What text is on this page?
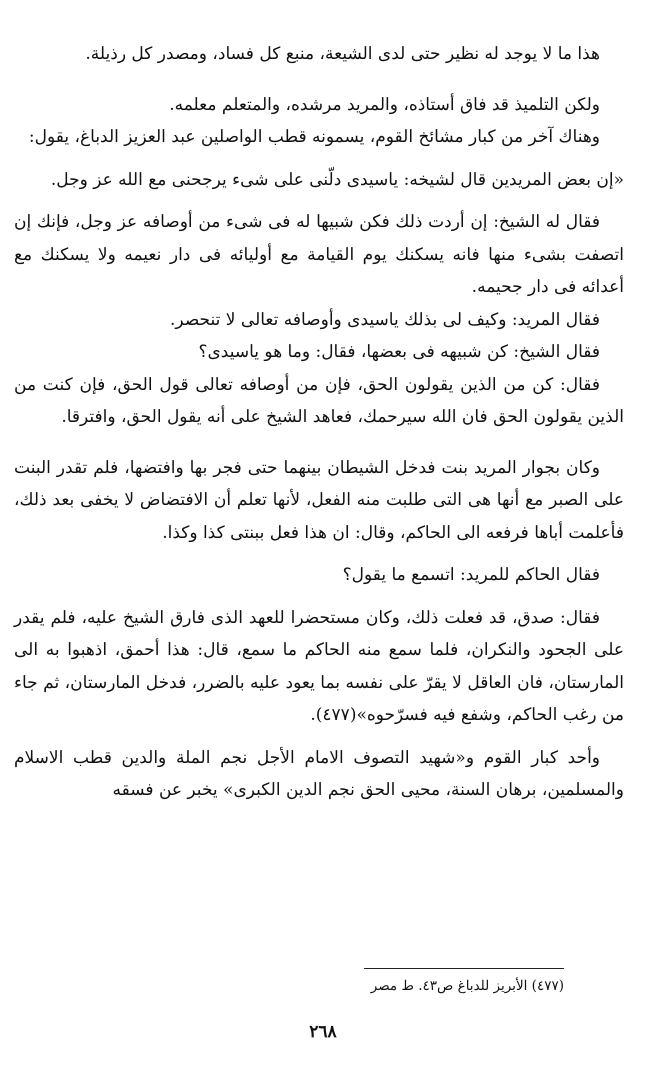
هذا ما لا يوجد له نظير حتى لدى الشيعة، منبع كل فساد، ومصدر كل رذيلة.

ولكن التلميذ قد فاق أستاذه، والمريد مرشده، والمتعلم معلمه.

وهناك آخر من كبار مشائخ القوم، يسمونه قطب الواصلين عبد العزيز الدباغ، يقول:

«إن بعض المريدين قال لشيخه: ياسيدى دلّنى على شىء يرجحنى مع الله عز وجل.

فقال له الشيخ: إن أردت ذلك فكن شبيها له فى شىء من أوصافه عز وجل، فإنك إن اتصفت بشىء منها فانه يسكنك يوم القيامة مع أوليائه فى دار نعيمه ولا يسكنك مع أعدائه فى دار جحيمه.

فقال المريد: وكيف لى بذلك ياسيدى وأوصافه تعالى لا تنحصر.

فقال الشيخ: كن شبيهه فى بعضها، فقال: وما هو ياسيدى؟

فقال: كن من الذين يقولون الحق، فإن من أوصافه تعالى قول الحق، فإن كنت من الذين يقولون الحق فان الله سيرحمك، فعاهد الشيخ على أنه يقول الحق، وافترقا.

وكان بجوار المريد بنت فدخل الشيطان بينهما حتى فجر بها وافتضها، فلم تقدر البنت على الصبر مع أنها هى التى طلبت منه الفعل، لأنها تعلم أن الافتضاض لا يخفى بعد ذلك، فأعلمت أباها فرفعه الى الحاكم، وقال: ان هذا فعل ببنتى كذا وكذا.

فقال الحاكم للمريد: اتسمع ما يقول؟

فقال: صدق، قد فعلت ذلك، وكان مستحضرا للعهد الذى فارق الشيخ عليه، فلم يقدر على الجحود والنكران، فلما سمع منه الحاكم ما سمع، قال: هذا أحمق، اذهبوا به الى المارستان، فان العاقل لا يقرّ على نفسه بما يعود عليه بالضرر، فدخل المارستان، ثم جاء من رغب الحاكم، وشفع فيه فسرّحوه»(٤٧٧).

وأحد كبار القوم و«شهيد التصوف الامام الأجل نجم الملة والدين قطب الاسلام والمسلمين، برهان السنة، محيى الحق نجم الدين الكبرى» يخبر عن فسقه

(٤٧٧) الأبريز للدباغ ص٤٣. ط مصر
٢٦٨
